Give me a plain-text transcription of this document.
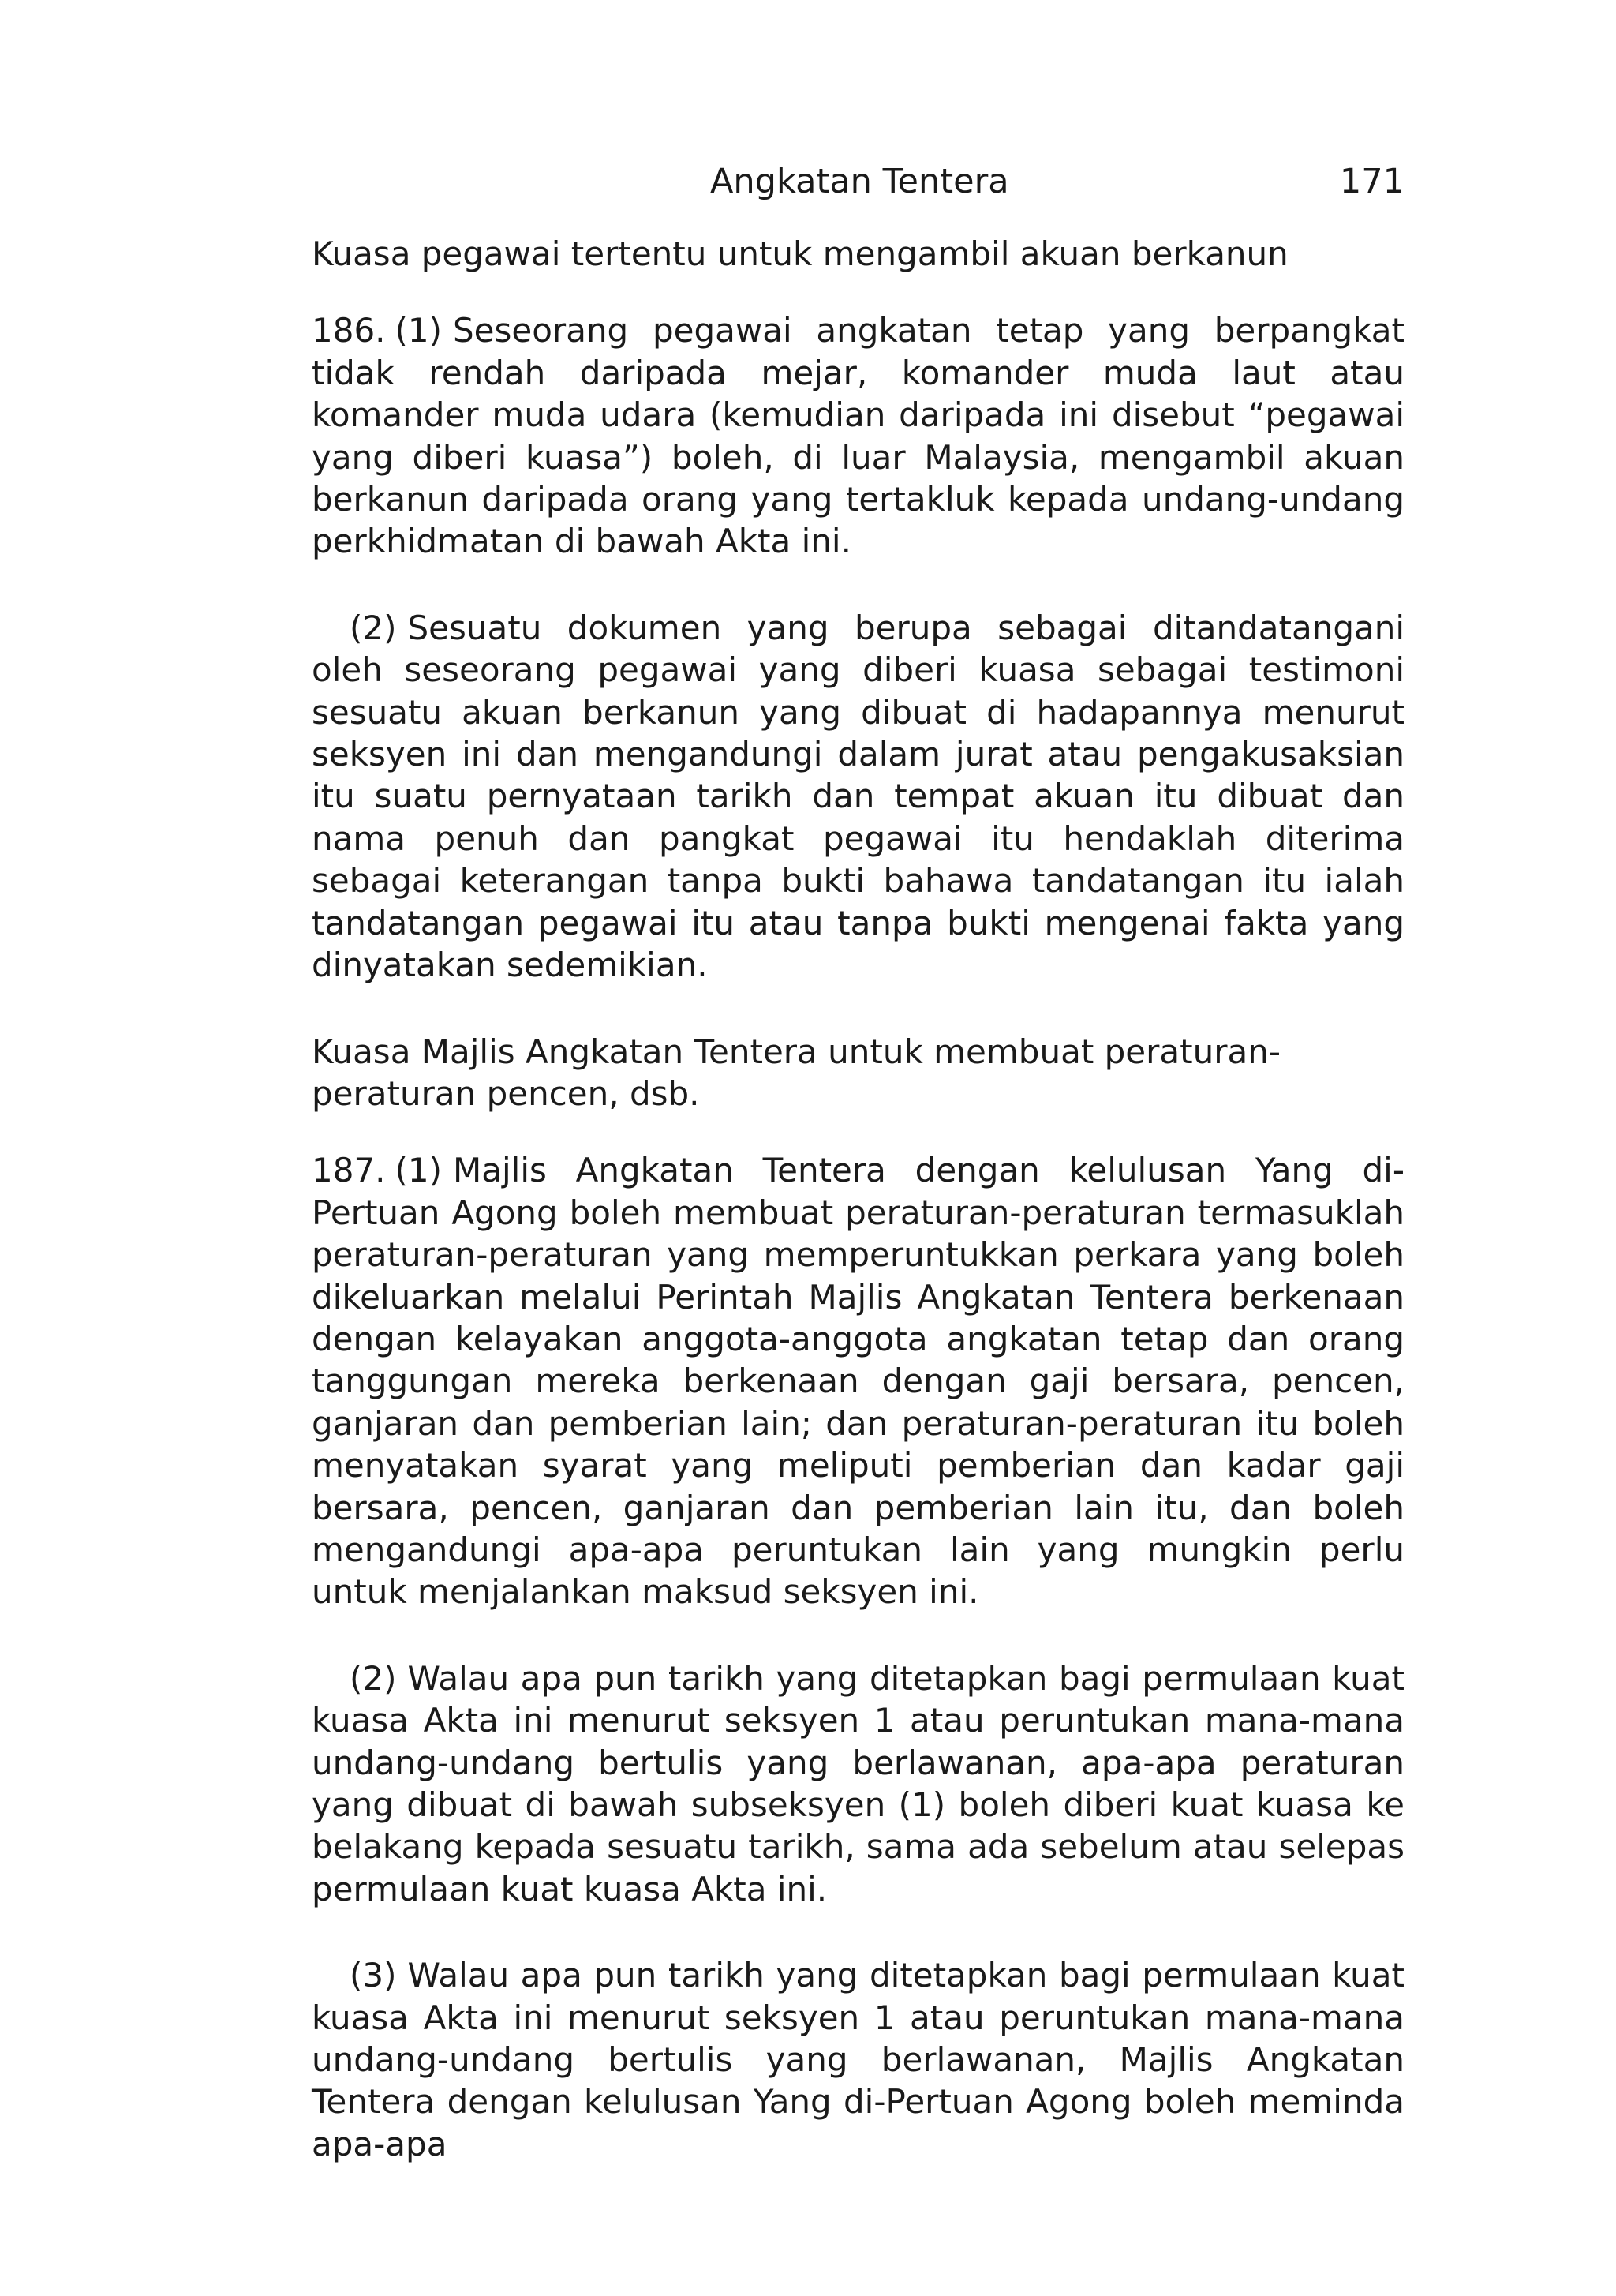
Angkatan Tentera	171

Kuasa pegawai tertentu untuk mengambil akuan berkanun

186. (1) Seseorang pegawai angkatan tetap yang berpangkat tidak rendah daripada mejar, komander muda laut atau komander muda udara (kemudian daripada ini disebut “pegawai yang diberi kuasa”) boleh, di luar Malaysia, mengambil akuan berkanun daripada orang yang tertakluk kepada undang-undang perkhidmatan di bawah Akta ini.

(2) Sesuatu dokumen yang berupa sebagai ditandatangani oleh seseorang pegawai yang diberi kuasa sebagai testimoni sesuatu akuan berkanun yang dibuat di hadapannya menurut seksyen ini dan mengandungi dalam jurat atau pengakusaksian itu suatu pernyataan tarikh dan tempat akuan itu dibuat dan nama penuh dan pangkat pegawai itu hendaklah diterima sebagai keterangan tanpa bukti bahawa tandatangan itu ialah tandatangan pegawai itu atau tanpa bukti mengenai fakta yang dinyatakan sedemikian.

Kuasa Majlis Angkatan Tentera untuk membuat peraturan-peraturan pencen, dsb.

187. (1) Majlis Angkatan Tentera dengan kelulusan Yang di-Pertuan Agong boleh membuat peraturan-peraturan termasuklah peraturan-peraturan yang memperuntukkan perkara yang boleh dikeluarkan melalui Perintah Majlis Angkatan Tentera berkenaan dengan kelayakan anggota-anggota angkatan tetap dan orang tanggungan mereka berkenaan dengan gaji bersara, pencen, ganjaran dan pemberian lain; dan peraturan-peraturan itu boleh menyatakan syarat yang meliputi pemberian dan kadar gaji bersara, pencen, ganjaran dan pemberian lain itu, dan boleh mengandungi apa-apa peruntukan lain yang mungkin perlu untuk menjalankan maksud seksyen ini.

(2) Walau apa pun tarikh yang ditetapkan bagi permulaan kuat kuasa Akta ini menurut seksyen 1 atau peruntukan mana-mana undang-undang bertulis yang berlawanan, apa-apa peraturan yang dibuat di bawah subseksyen (1) boleh diberi kuat kuasa ke belakang kepada sesuatu tarikh, sama ada sebelum atau selepas permulaan kuat kuasa Akta ini.

(3) Walau apa pun tarikh yang ditetapkan bagi permulaan kuat kuasa Akta ini menurut seksyen 1 atau peruntukan mana-mana undang-undang bertulis yang berlawanan, Majlis Angkatan Tentera dengan kelulusan Yang di-Pertuan Agong boleh meminda apa-apa
